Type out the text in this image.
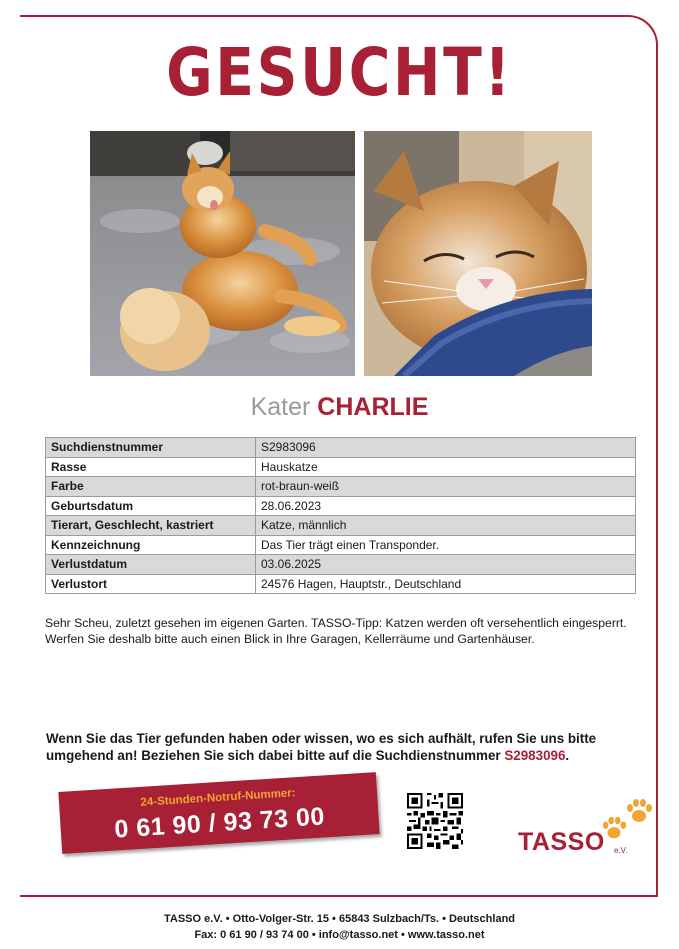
GESUCHT!
Kater CHARLIE
Suchdienstnummer	S2983096
Rasse	Hauskatze
Farbe	rot-braun-weiß
Geburtsdatum	28.06.2023
Tierart, Geschlecht, kastriert	Katze, männlich
Kennzeichnung	Das Tier trägt einen Transponder.
Verlustdatum	03.06.2025
Verlustort	24576 Hagen, Hauptstr., Deutschland
Sehr Scheu, zuletzt gesehen im eigenen Garten. TASSO-Tipp: Katzen werden oft versehentlich eingesperrt. Werfen Sie deshalb bitte auch einen Blick in Ihre Garagen, Kellerräume und Gartenhäuser.
Wenn Sie das Tier gefunden haben oder wissen, wo es sich aufhält, rufen Sie uns bitte umgehend an! Beziehen Sie sich dabei bitte auf die Suchdienstnummer S2983096.
24-Stunden-Notruf-Nummer:
0 61 90 / 93 73 00	TASSO e.V.
TASSO e.V. • Otto-Volger-Str. 15 • 65843 Sulzbach/Ts. • Deutschland
Fax: 0 61 90 / 93 74 00 • info@tasso.net • www.tasso.net
